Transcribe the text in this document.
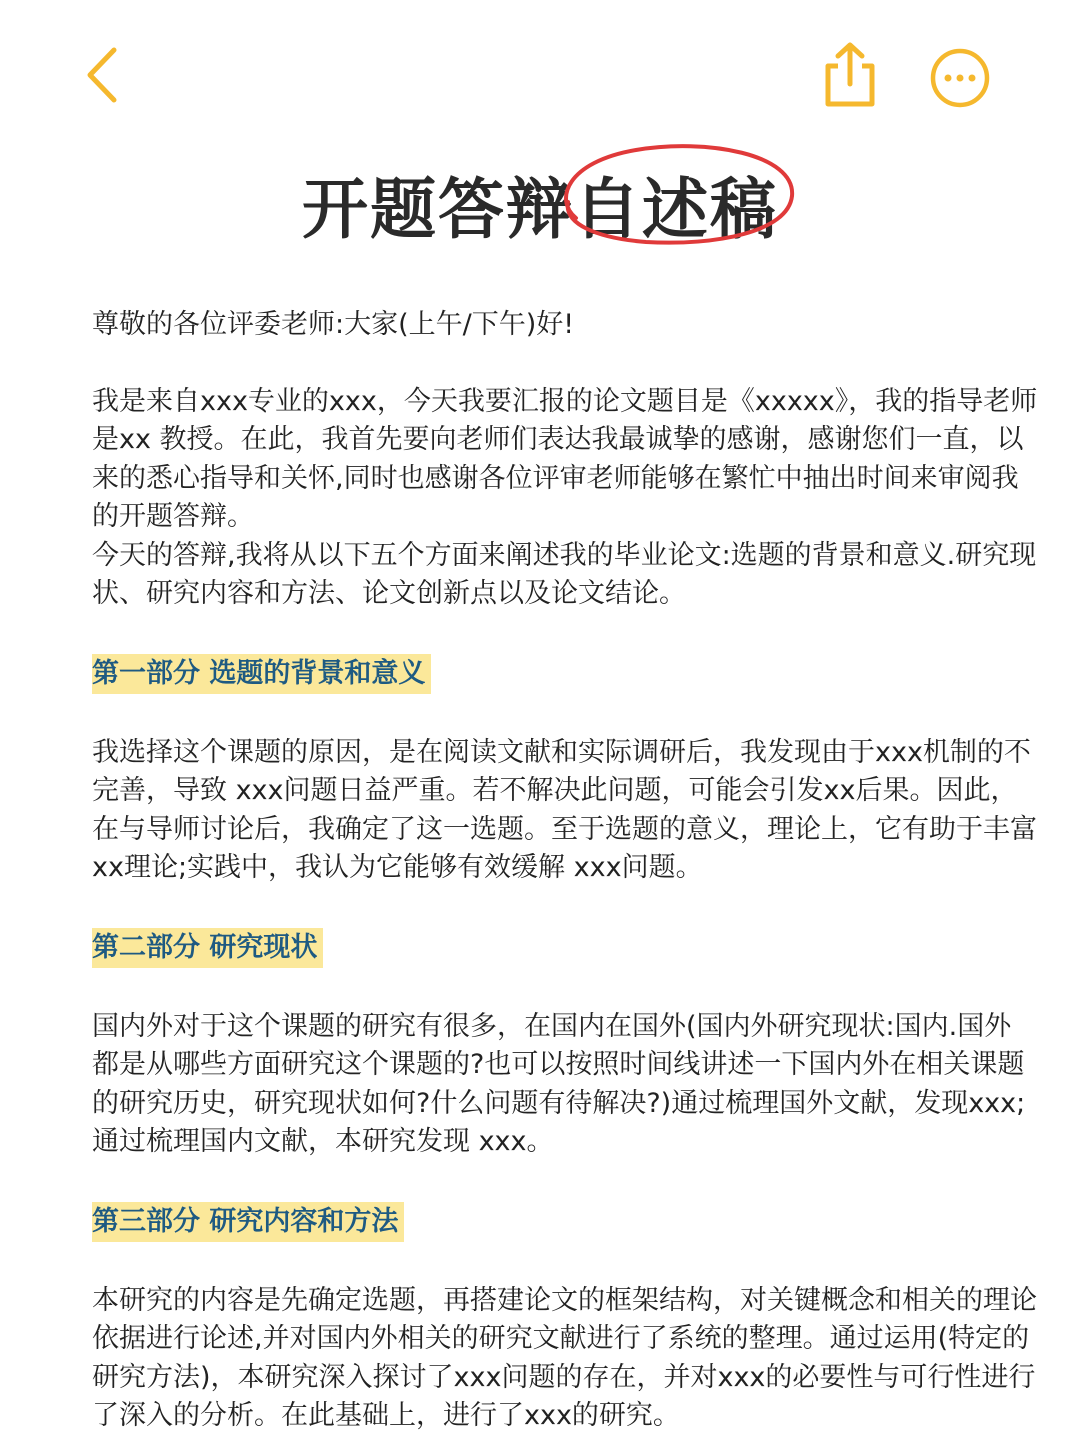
开题答辩自述稿

尊敬的各位评委老师:大家(上午/下午)好!

我是来自xxx专业的xxx，今天我要汇报的论文题目是《xxxxx》，我的指导老师是xx 教授。在此，我首先要向老师们表达我最诚挚的感谢，感谢您们一直，以来的悉心指导和关怀,同时也感谢各位评审老师能够在繁忙中抽出时间来审阅我的开题答辩。

今天的答辩,我将从以下五个方面来阐述我的毕业论文:选题的背景和意义.研究现状、研究内容和方法、论文创新点以及论文结论。

第一部分 选题的背景和意义

我选择这个课题的原因，是在阅读文献和实际调研后，我发现由于xxx机制的不完善，导致 xxx问题日益严重。若不解决此问题，可能会引发xx后果。因此，在与导师讨论后，我确定了这一选题。至于选题的意义，理论上，它有助于丰富 xx理论;实践中，我认为它能够有效缓解 xxx问题。

第二部分 研究现状

国内外对于这个课题的研究有很多，在国内在国外(国内外研究现状:国内.国外都是从哪些方面研究这个课题的?也可以按照时间线讲述一下国内外在相关课题的研究历史，研究现状如何?什么问题有待解决?)通过梳理国外文献，发现xxx;通过梳理国内文献，本研究发现 xxx。

第三部分 研究内容和方法

本研究的内容是先确定选题，再搭建论文的框架结构，对关键概念和相关的理论依据进行论述,并对国内外相关的研究文献进行了系统的整理。通过运用(特定的研究方法)，本研究深入探讨了xxx问题的存在，并对xxx的必要性与可行性进行了深入的分析。在此基础上，进行了xxx的研究。
